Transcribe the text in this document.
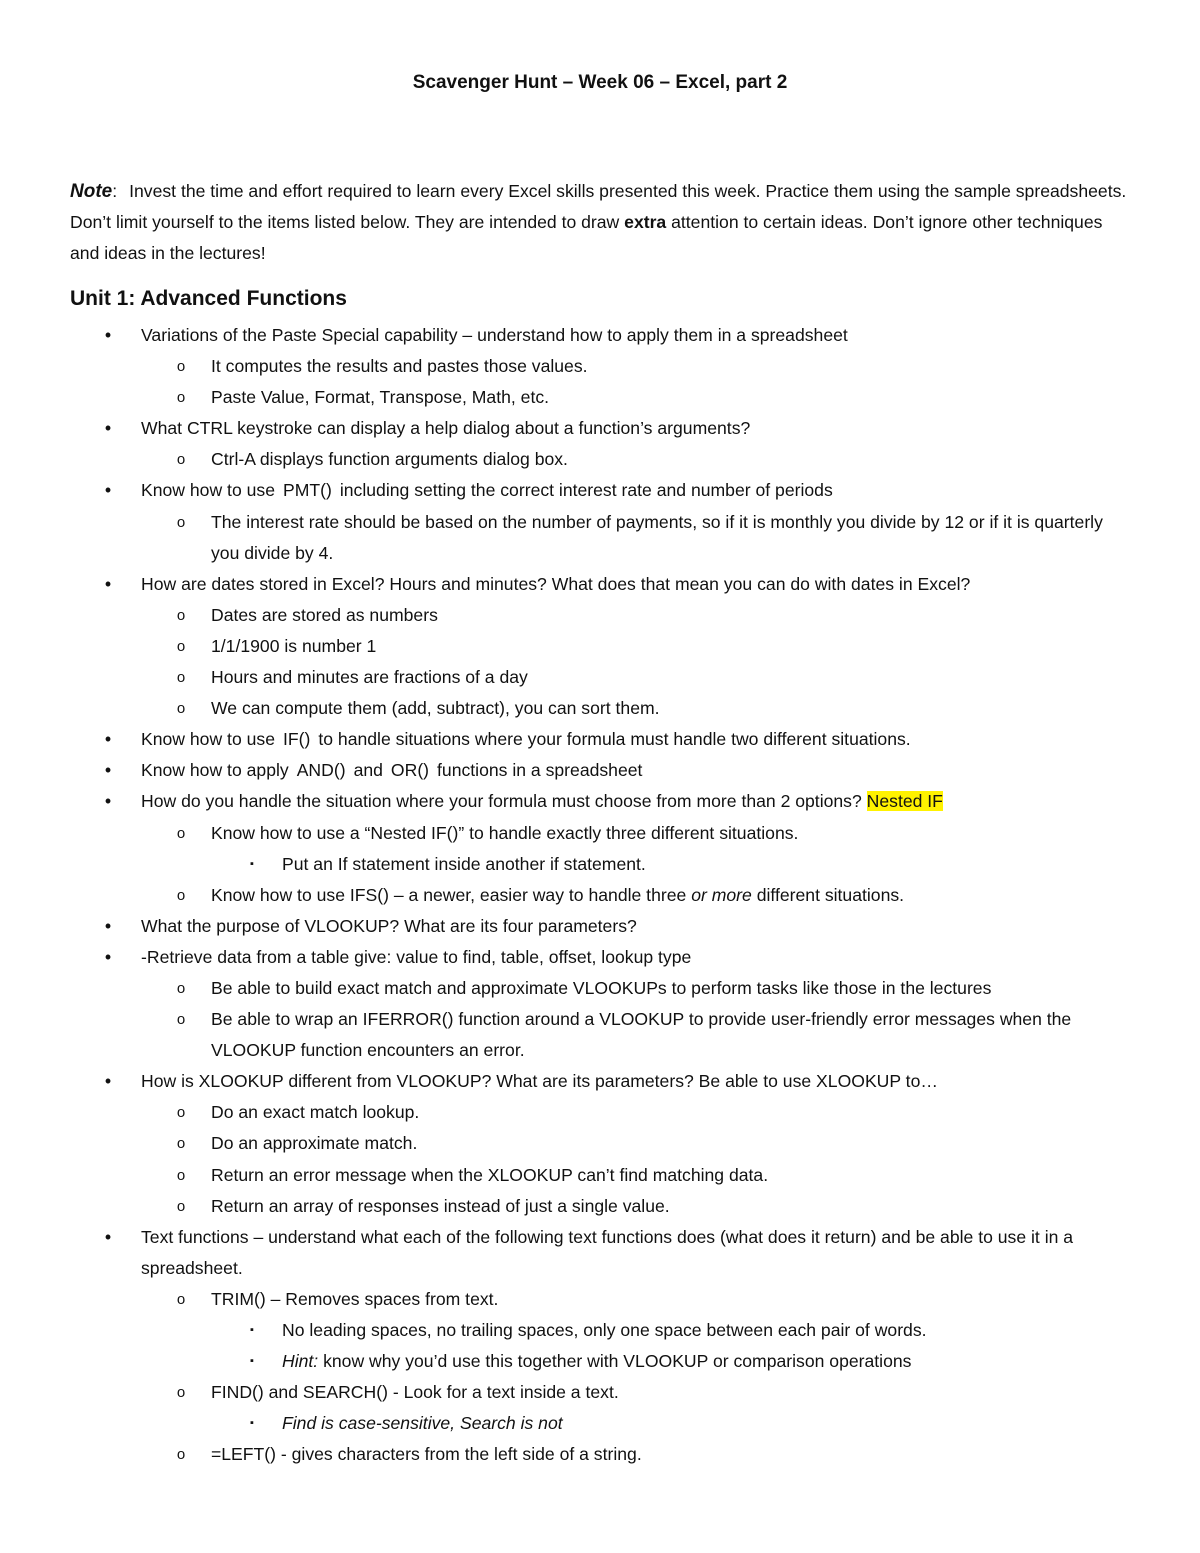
Scavenger Hunt – Week 06 – Excel, part 2
Note: Invest the time and effort required to learn every Excel skills presented this week. Practice them using the sample spreadsheets. Don’t limit yourself to the items listed below. They are intended to draw extra attention to certain ideas. Don’t ignore other techniques and ideas in the lectures!
Unit 1: Advanced Functions
•	Variations of the Paste Special capability – understand how to apply them in a spreadsheet
o	It computes the results and pastes those values.
o	Paste Value, Format, Transpose, Math, etc.
•	What CTRL keystroke can display a help dialog about a function’s arguments?
o	Ctrl-A displays function arguments dialog box.
•	Know how to use PMT() including setting the correct interest rate and number of periods
o	The interest rate should be based on the number of payments, so if it is monthly you divide by 12 or if it is quarterly you divide by 4.
•	How are dates stored in Excel? Hours and minutes? What does that mean you can do with dates in Excel?
o	Dates are stored as numbers
o	1/1/1900 is number 1
o	Hours and minutes are fractions of a day
o	We can compute them (add, subtract), you can sort them.
•	Know how to use IF() to handle situations where your formula must handle two different situations.
•	Know how to apply AND() and OR() functions in a spreadsheet
•	How do you handle the situation where your formula must choose from more than 2 options? Nested IF
o	Know how to use a “Nested IF()” to handle exactly three different situations.
▪	Put an If statement inside another if statement.
o	Know how to use IFS() – a newer, easier way to handle three or more different situations.
•	What the purpose of VLOOKUP? What are its four parameters?
•	-Retrieve data from a table give: value to find, table, offset, lookup type
o	Be able to build exact match and approximate VLOOKUPs to perform tasks like those in the lectures
o	Be able to wrap an IFERROR() function around a VLOOKUP to provide user-friendly error messages when the VLOOKUP function encounters an error.
•	How is XLOOKUP different from VLOOKUP? What are its parameters? Be able to use XLOOKUP to…
o	Do an exact match lookup.
o	Do an approximate match.
o	Return an error message when the XLOOKUP can’t find matching data.
o	Return an array of responses instead of just a single value.
•	Text functions – understand what each of the following text functions does (what does it return) and be able to use it in a spreadsheet.
o	TRIM() – Removes spaces from text.
▪	No leading spaces, no trailing spaces, only one space between each pair of words.
▪	Hint: know why you’d use this together with VLOOKUP or comparison operations
o	FIND() and SEARCH() - Look for a text inside a text.
▪	Find is case-sensitive, Search is not
o	=LEFT() - gives characters from the left side of a string.
